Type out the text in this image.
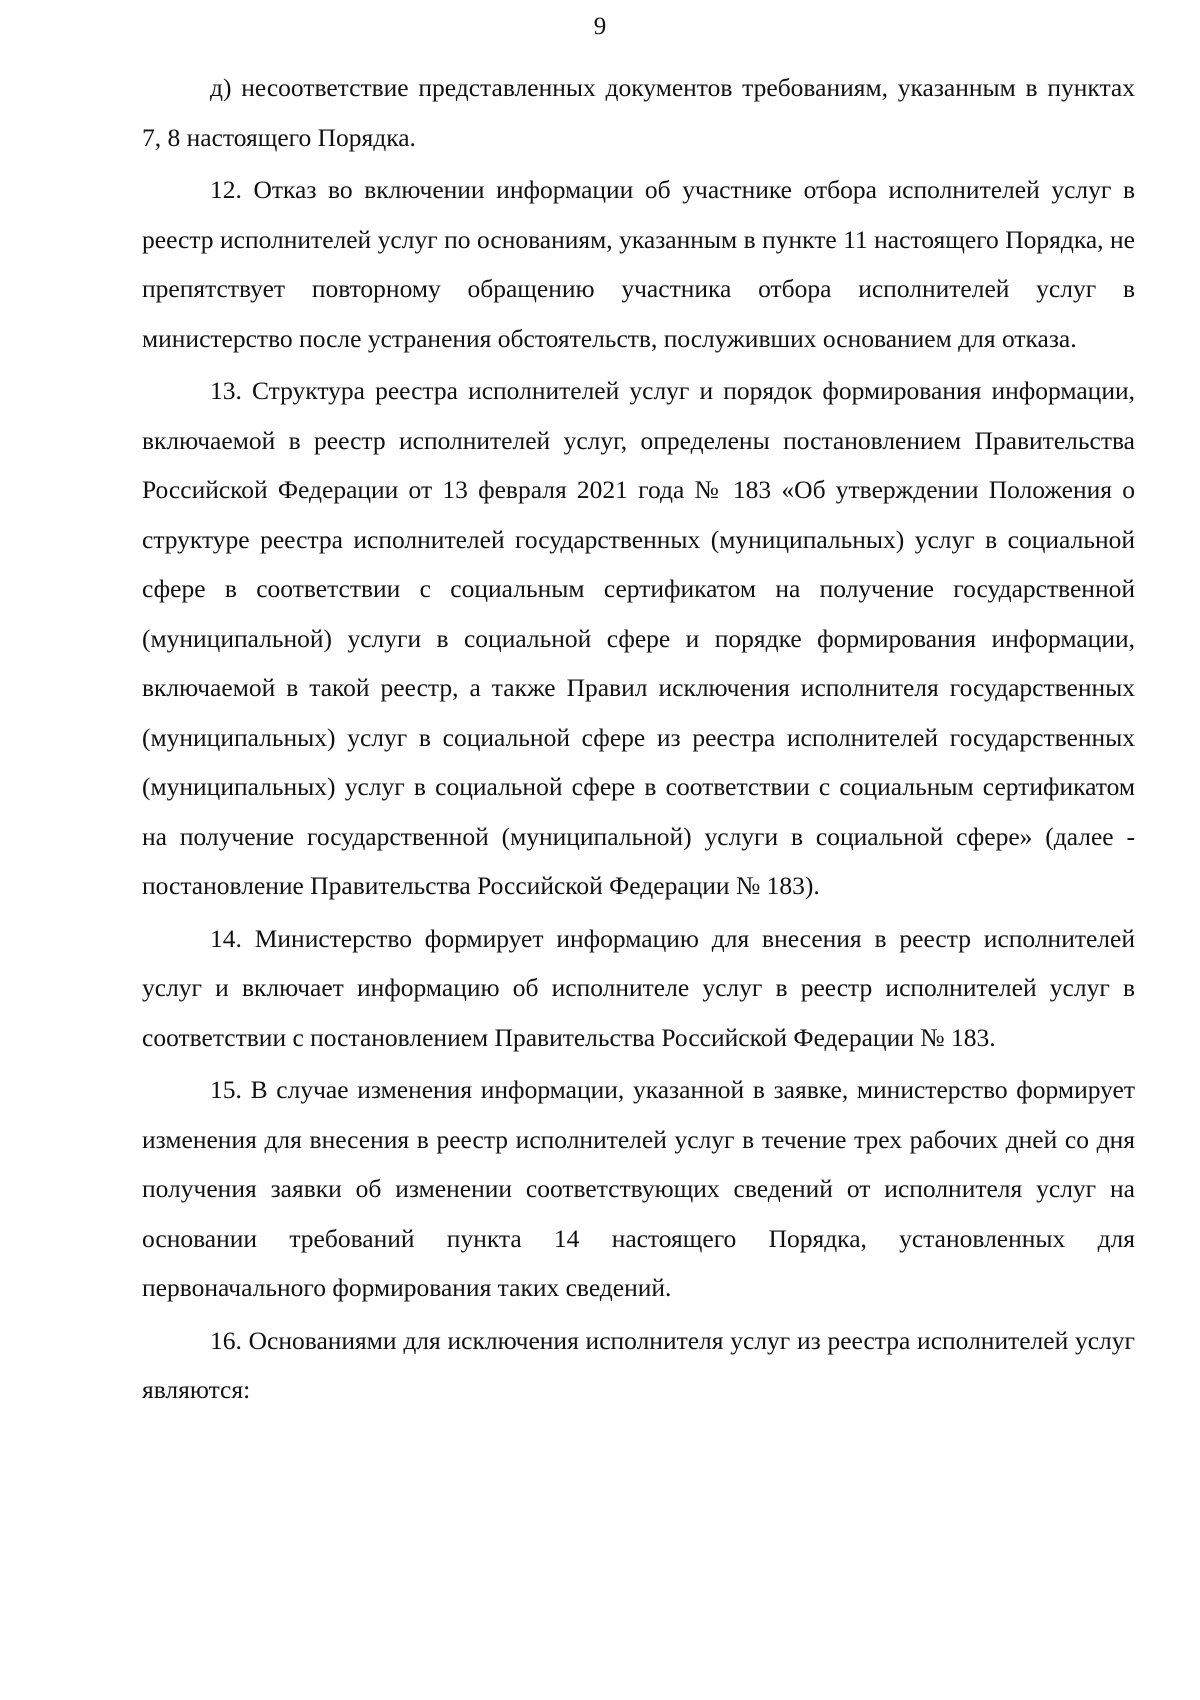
9

д) несоответствие представленных документов требованиям, указанным в пунктах 7, 8 настоящего Порядка.

12. Отказ во включении информации об участнике отбора исполнителей услуг в реестр исполнителей услуг по основаниям, указанным в пункте 11 настоящего Порядка, не препятствует повторному обращению участника отбора исполнителей услуг в министерство после устранения обстоятельств, послуживших основанием для отказа.

13. Структура реестра исполнителей услуг и порядок формирования информации, включаемой в реестр исполнителей услуг, определены постановлением Правительства Российской Федерации от 13 февраля 2021 года № 183 «Об утверждении Положения о структуре реестра исполнителей государственных (муниципальных) услуг в социальной сфере в соответствии с социальным сертификатом на получение государственной (муниципальной) услуги в социальной сфере и порядке формирования информации, включаемой в такой реестр, а также Правил исключения исполнителя государственных (муниципальных) услуг в социальной сфере из реестра исполнителей государственных (муниципальных) услуг в социальной сфере в соответствии с социальным сертификатом на получение государственной (муниципальной) услуги в социальной сфере» (далее - постановление Правительства Российской Федерации № 183).

14. Министерство формирует информацию для внесения в реестр исполнителей услуг и включает информацию об исполнителе услуг в реестр исполнителей услуг в соответствии с постановлением Правительства Российской Федерации № 183.

15. В случае изменения информации, указанной в заявке, министерство формирует изменения для внесения в реестр исполнителей услуг в течение трех рабочих дней со дня получения заявки об изменении соответствующих сведений от исполнителя услуг на основании требований пункта 14 настоящего Порядка, установленных для первоначального формирования таких сведений.

16. Основаниями для исключения исполнителя услуг из реестра исполнителей услуг являются:
